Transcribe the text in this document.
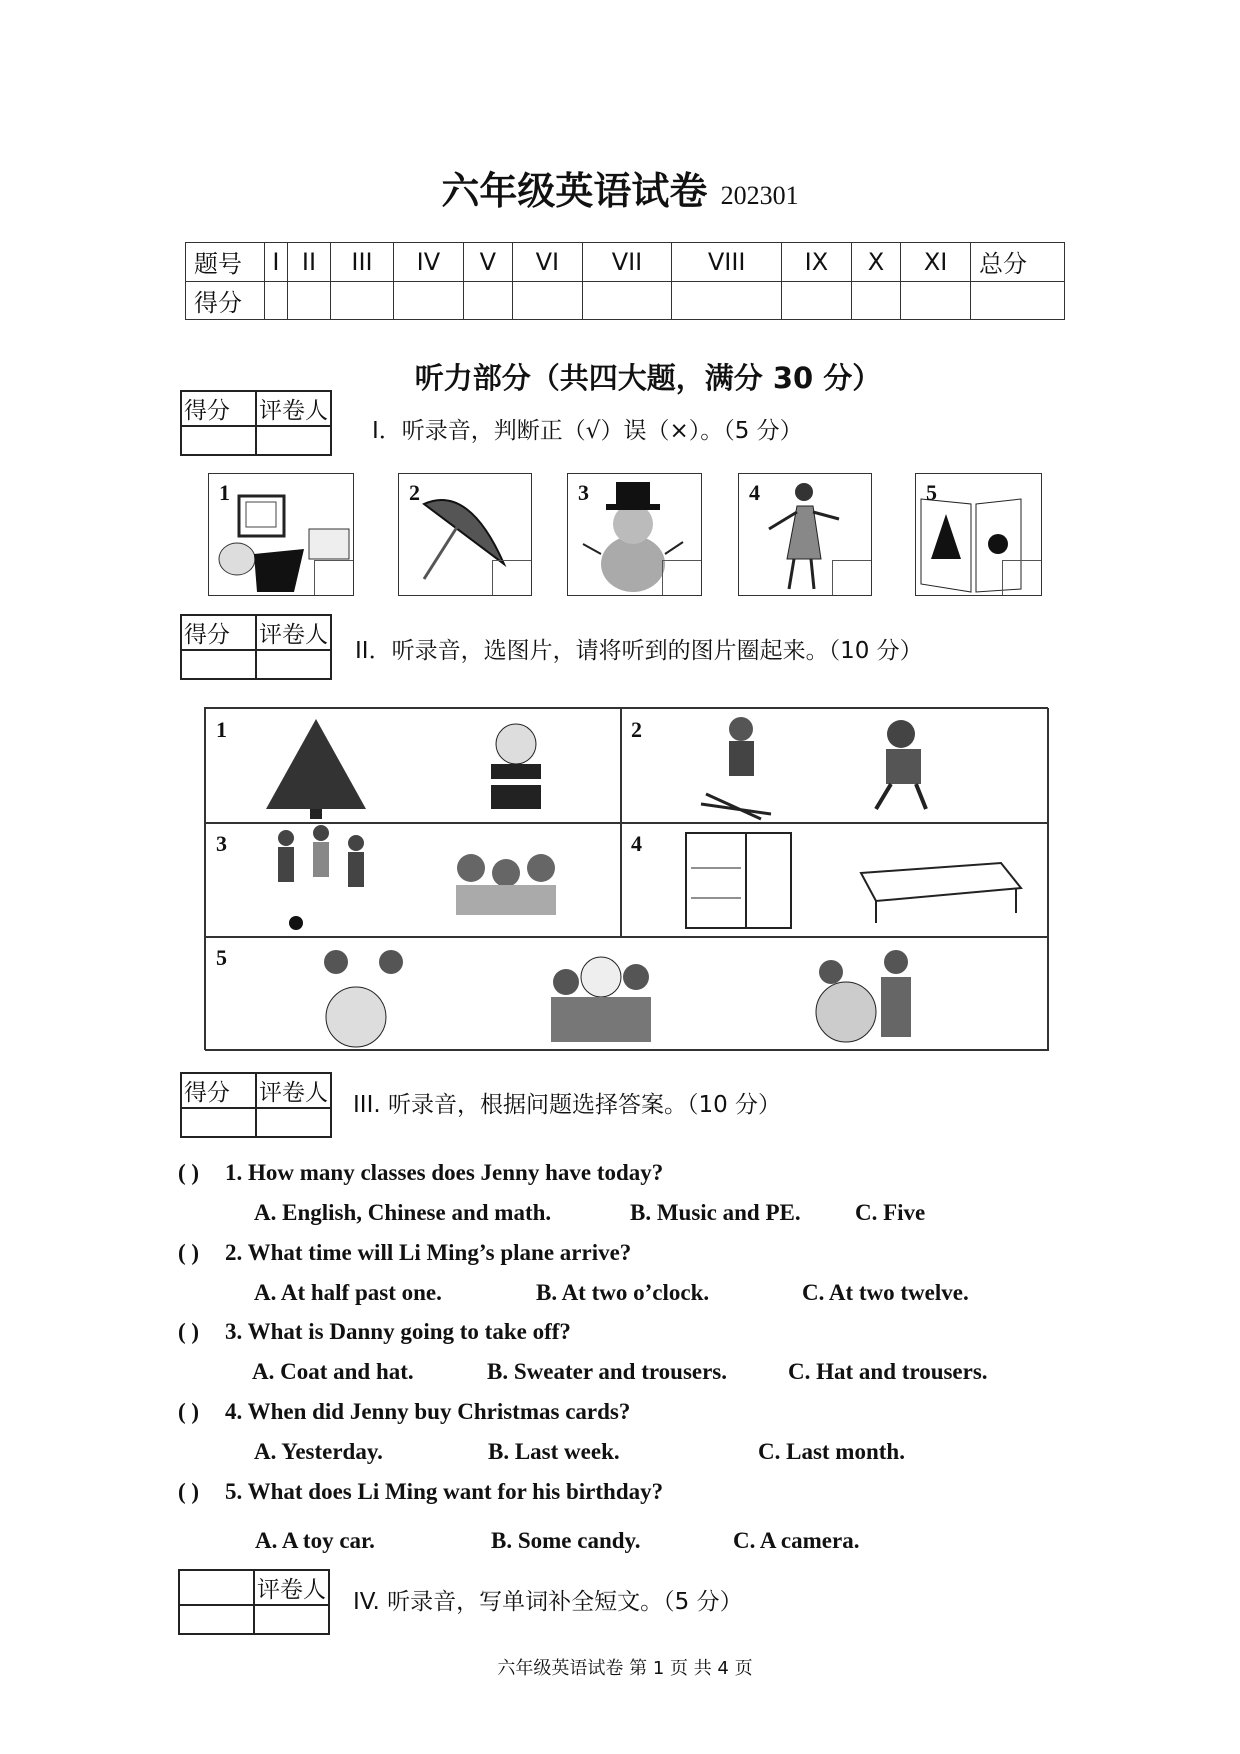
六年级英语试卷 202301
题号	I	II	III	IV	V	VI	VII	VIII	IX	X	XI	总分
得分												
听力部分（共四大题，满分 30 分）
得分	评卷人

I．听录音，判断正（√）误（×）。（5 分）
1	2	3	4	5
得分	评卷人

II．听录音，选图片，请将听到的图片圈起来。（10 分）
1	2
3	4
5
得分	评卷人
	III. 听录音，根据问题选择答案。（10 分）
( ) 1. How many classes does Jenny have today?
A. English, Chinese and math.	B. Music and PE. C. Five
( ) 2. What time will Li Ming’s plane arrive?
A. At half past one.	B. At two o’clock.	C. At two twelve.
( ) 3. What is Danny going to take off?
A. Coat and hat.	B. Sweater and trousers.	C. Hat and trousers.
( ) 4. When did Jenny buy Christmas cards?
A. Yesterday.	B. Last week.	C. Last month.
( ) 5. What does Li Ming want for his birthday?
A. A toy car.	B. Some candy.	C. A camera.
	评卷人
	IV. 听录音，写单词补全短文。（5 分）
六年级英语试卷 第 1 页 共 4 页
